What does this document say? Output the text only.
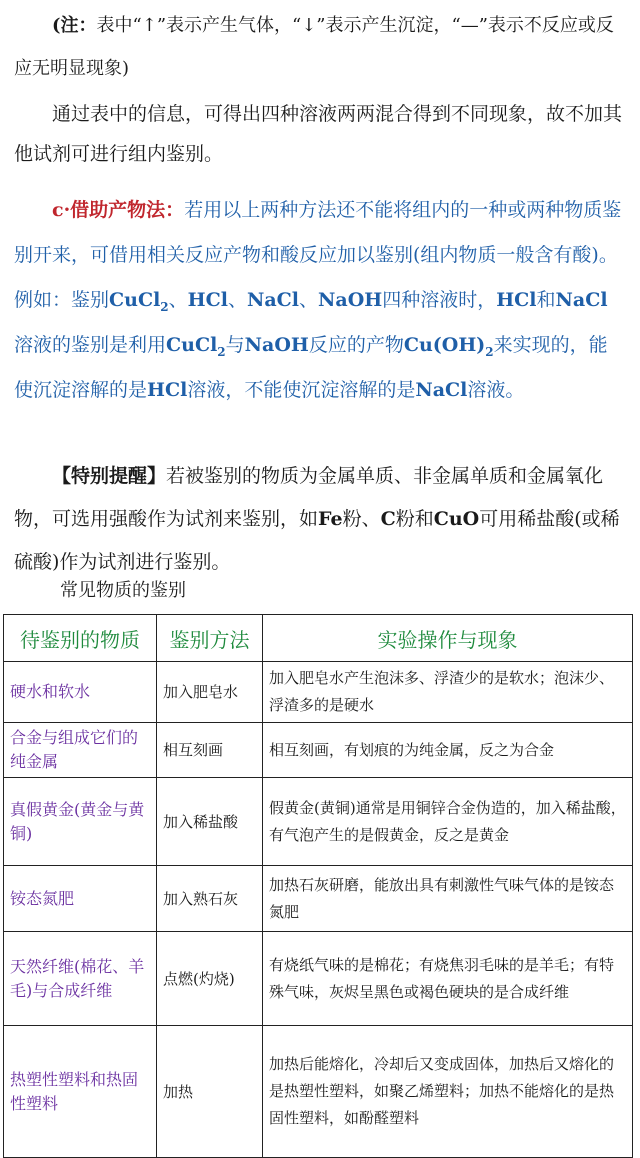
(注：表中“↑”表示产生气体，“↓”表示产生沉淀，“—”表示不反应或反应无明显现象)

通过表中的信息，可得出四种溶液两两混合得到不同现象，故不加其他试剂可进行组内鉴别。

c·借助产物法：若用以上两种方法还不能将组内的一种或两种物质鉴别开来，可借用相关反应产物和酸反应加以鉴别(组内物质一般含有酸)。例如：鉴别CuCl$_2$、HCl、NaCl、NaOH四种溶液时，HCl和NaCl溶液的鉴别是利用CuCl$_2$与NaOH反应的产物$Cu(OH)_2$来实现的，能使沉淀溶解的是HCl溶液，不能使沉淀溶解的是NaCl溶液。

【特别提醒】若被鉴别的物质为金属单质、非金属单质和金属氧化物，可选用强酸作为试剂来鉴别，如Fe粉、C粉和CuO可用稀盐酸(或稀硫酸)作为试剂进行鉴别。

常见物质的鉴别
待鉴别的物质	鉴别方法	实验操作与现象
硬水和软水	加入肥皂水	加入肥皂水产生泡沫多、浮渣少的是软水；泡沫少、浮渣多的是硬水
合金与组成它们的纯金属	相互刻画	相互刻画，有划痕的为纯金属，反之为合金
真假黄金(黄金与黄铜)	加入稀盐酸	假黄金(黄铜)通常是用铜锌合金伪造的，加入稀盐酸，有气泡产生的是假黄金，反之是黄金
铵态氮肥	加入熟石灰	加热石灰研磨，能放出具有刺激性气味气体的是铵态氮肥
天然纤维(棉花、羊毛)与合成纤维	点燃(灼烧)	有烧纸气味的是棉花；有烧焦羽毛味的是羊毛；有特殊气味，灰烬呈黑色或褐色硬块的是合成纤维
热塑性塑料和热固性塑料	加热	加热后能熔化，冷却后又变成固体，加热后又熔化的是热塑性塑料，如聚乙烯塑料；加热不能熔化的是热固性塑料，如酚醛塑料
